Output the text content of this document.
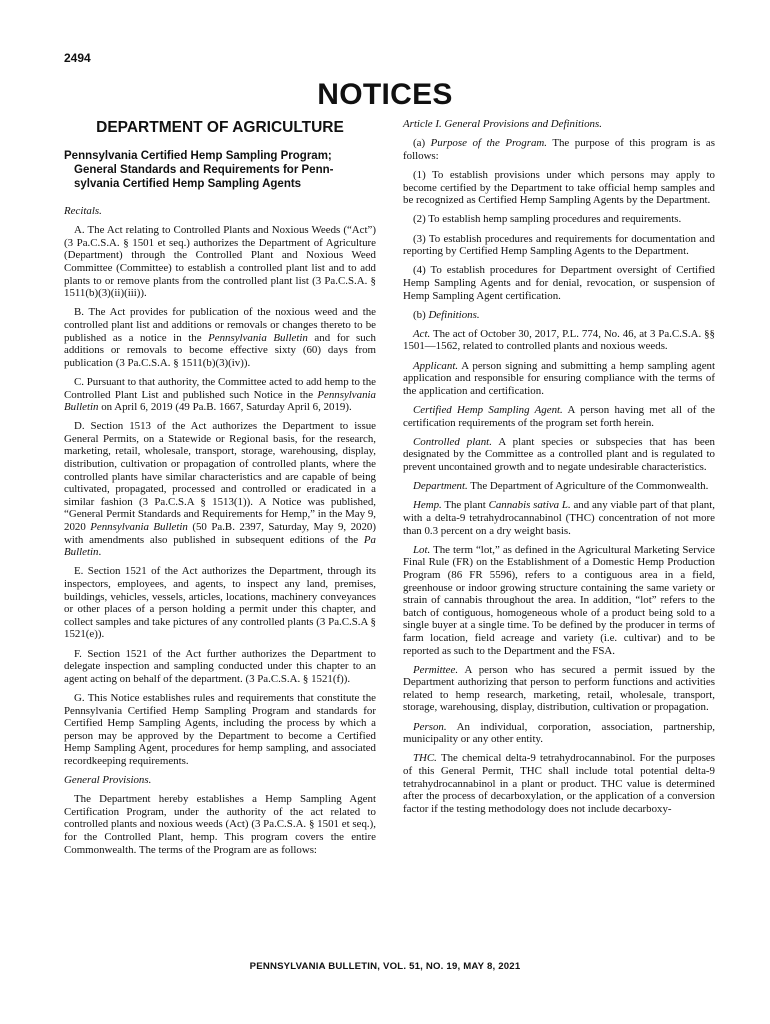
2494
NOTICES
DEPARTMENT OF AGRICULTURE
Pennsylvania Certified Hemp Sampling Program;

General Standards and Requirements for Penn-
sylvania Certified Hemp Sampling Agents

Recitals.

A. The Act relating to Controlled Plants and Noxious Weeds (“Act”) (3 Pa.C.S.A. § 1501 et seq.) authorizes the Department of Agriculture (Department) through the Controlled Plant and Noxious Weed Committee (Committee) to establish a controlled plant list and to add plants to or remove plants from the controlled plant list (3 Pa.C.S.A. § 1511(b)(3)(ii)(iii)).

B. The Act provides for publication of the noxious weed and the controlled plant list and additions or removals or changes thereto to be published as a notice in the Pennsylvania Bulletin and for such additions or removals to become effective sixty (60) days from publication (3 Pa.C.S.A. § 1511(b)(3)(iv)).

C. Pursuant to that authority, the Committee acted to add hemp to the Controlled Plant List and published such Notice in the Pennsylvania Bulletin on April 6, 2019 (49 Pa.B. 1667, Saturday April 6, 2019).

D. Section 1513 of the Act authorizes the Department to issue General Permits, on a Statewide or Regional basis, for the research, marketing, retail, wholesale, transport, storage, warehousing, display, distribution, cultivation or propagation of controlled plants, where the controlled plants have similar characteristics and are capable of being cultivated, propagated, processed and controlled or eradicated in a similar fashion (3 Pa.C.S.A § 1513(1)). A Notice was published, “General Permit Standards and Requirements for Hemp,” in the May 9, 2020 Pennsylvania Bulletin (50 Pa.B. 2397, Saturday, May 9, 2020) with amendments also published in subsequent editions of the Pa Bulletin.

E. Section 1521 of the Act authorizes the Department, through its inspectors, employees, and agents, to inspect any land, premises, buildings, vehicles, vessels, articles, locations, machinery conveyances or other places of a person holding a permit under this chapter, and collect samples and take pictures of any controlled plants (3 Pa.C.S.A § 1521(e)).

F. Section 1521 of the Act further authorizes the Department to delegate inspection and sampling conducted under this chapter to an agent acting on behalf of the department. (3 Pa.C.S.A. § 1521(f)).

G. This Notice establishes rules and requirements that constitute the Pennsylvania Certified Hemp Sampling Program and standards for Certified Hemp Sampling Agents, including the process by which a person may be approved by the Department to become a Certified Hemp Sampling Agent, procedures for hemp sampling, and associated recordkeeping requirements.

General Provisions.

The Department hereby establishes a Hemp Sampling Agent Certification Program, under the authority of the act related to controlled plants and noxious weeds (Act) (3 Pa.C.S.A. § 1501 et seq.), for the Controlled Plant, hemp. This program covers the entire Commonwealth. The terms of the Program are as follows:

Article I. General Provisions and Definitions.

(a) Purpose of the Program. The purpose of this program is as follows:

(1) To establish provisions under which persons may apply to become certified by the Department to take official hemp samples and be recognized as Certified Hemp Sampling Agents by the Department.

(2) To establish hemp sampling procedures and requirements.

(3) To establish procedures and requirements for documentation and reporting by Certified Hemp Sampling Agents to the Department.

(4) To establish procedures for Department oversight of Certified Hemp Sampling Agents and for denial, revocation, or suspension of Hemp Sampling Agent certification.

(b) Definitions.

Act. The act of October 30, 2017, P.L. 774, No. 46, at 3 Pa.C.S.A. §§ 1501—1562, related to controlled plants and noxious weeds.

Applicant. A person signing and submitting a hemp sampling agent application and responsible for ensuring compliance with the terms of the application and certification.

Certified Hemp Sampling Agent. A person having met all of the certification requirements of the program set forth herein.

Controlled plant. A plant species or subspecies that has been designated by the Committee as a controlled plant and is regulated to prevent uncontained growth and to negate undesirable characteristics.

Department. The Department of Agriculture of the Commonwealth.

Hemp. The plant Cannabis sativa L. and any viable part of that plant, with a delta-9 tetrahydrocannabinol (THC) concentration of not more than 0.3 percent on a dry weight basis.

Lot. The term “lot,” as defined in the Agricultural Marketing Service Final Rule (FR) on the Establishment of a Domestic Hemp Production Program (86 FR 5596), refers to a contiguous area in a field, greenhouse or indoor growing structure containing the same variety or strain of cannabis throughout the area. In addition, “lot” refers to the batch of contiguous, homogeneous whole of a product being sold to a single buyer at a single time. To be defined by the producer in terms of farm location, field acreage and variety (i.e. cultivar) and to be reported as such to the Department and the FSA.

Permittee. A person who has secured a permit issued by the Department authorizing that person to perform functions and activities related to hemp research, marketing, retail, wholesale, transport, storage, warehousing, display, distribution, cultivation or propagation.

Person. An individual, corporation, association, partnership, municipality or any other entity.

THC. The chemical delta-9 tetrahydrocannabinol. For the purposes of this General Permit, THC shall include total potential delta-9 tetrahydrocannabinol in a plant or product. THC value is determined after the process of decarboxylation, or the application of a conversion factor if the testing methodology does not include decarboxy-

PENNSYLVANIA BULLETIN, VOL. 51, NO. 19, MAY 8, 2021
